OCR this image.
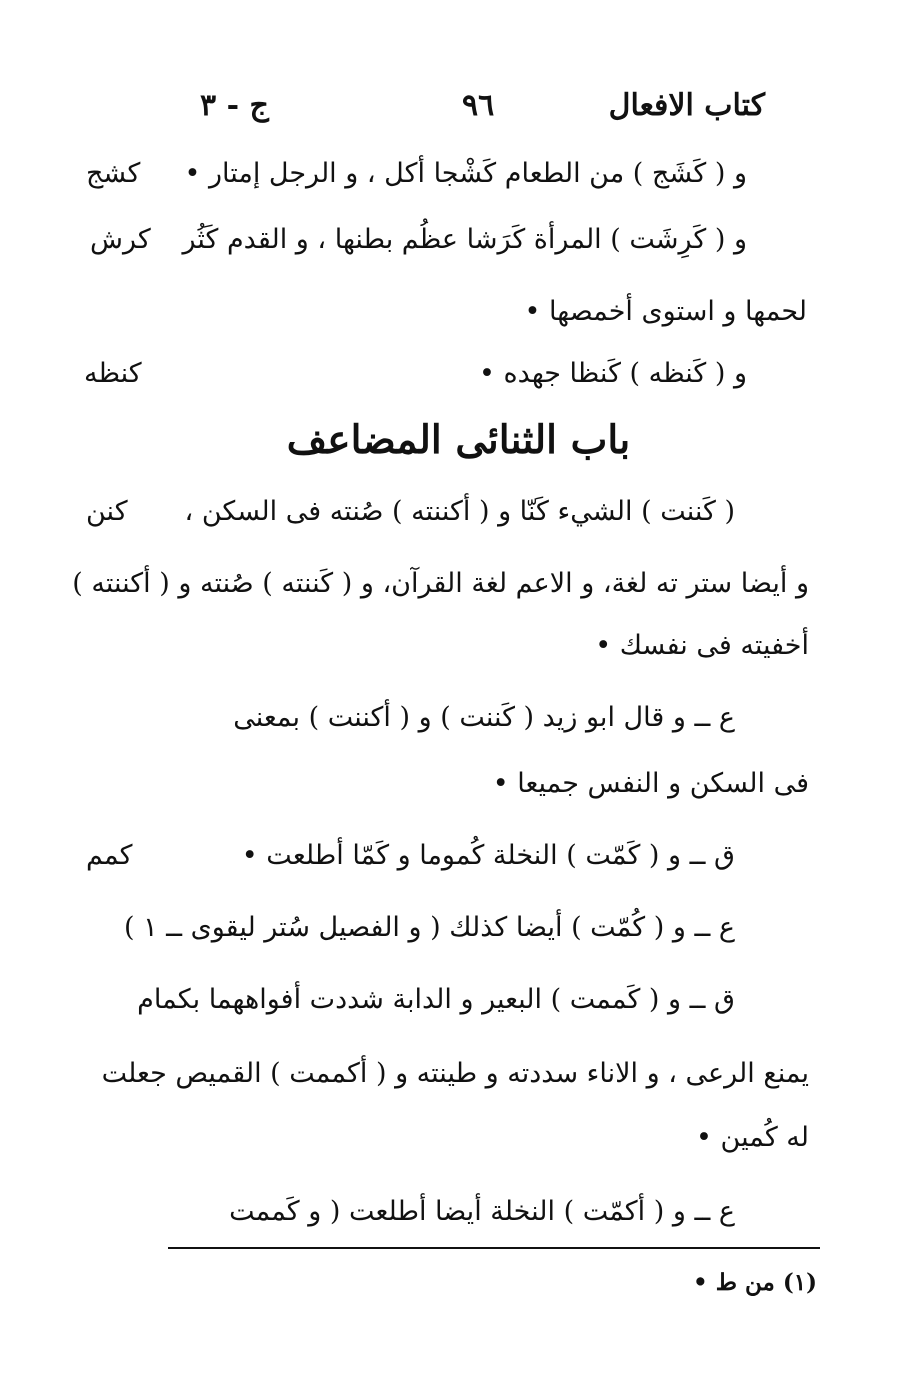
كتاب الافعال
٩٦
ج - ٣
كشج
كرش
كنظه
كنن
كمم
و ( كَشَج ) من الطعام كَشْجا أكل ، و الرجل إمتار •
و ( كَرِشَت ) المرأة كَرَشا عظُم بطنها ، و القدم كَثُر
لحمها و استوى أخمصها •
و ( كَنظه ) كَنظا جهده •
باب الثنائى المضاعف
( كَننت ) الشيء كَنّا و ( أكننته ) صُنته فى السكن ،
و أيضا ستر ته لغة، و الاعم لغة القرآن، و ( كَننته ) صُنته و ( أكننته )
أخفيته فى نفسك •
ع ــ و قال ابو زيد ( كَننت ) و ( أكننت ) بمعنى
فى السكن و النفس جميعا •
ق ــ و ( كَمّت ) النخلة كُموما و كَمّا أطلعت •
ع ــ و ( كُمّت ) أيضا كذلك ( و الفصيل سُتر ليقوى ــ ١ )
ق ــ و ( كَممت ) البعير و الدابة شددت أفواههما بكمام
يمنع الرعى ، و الاناء سددته و طينته و ( أكممت ) القميص جعلت
له كُمين •
ع ــ و ( أكمّت ) النخلة أيضا أطلعت ( و كَممت
(١) من ط •
